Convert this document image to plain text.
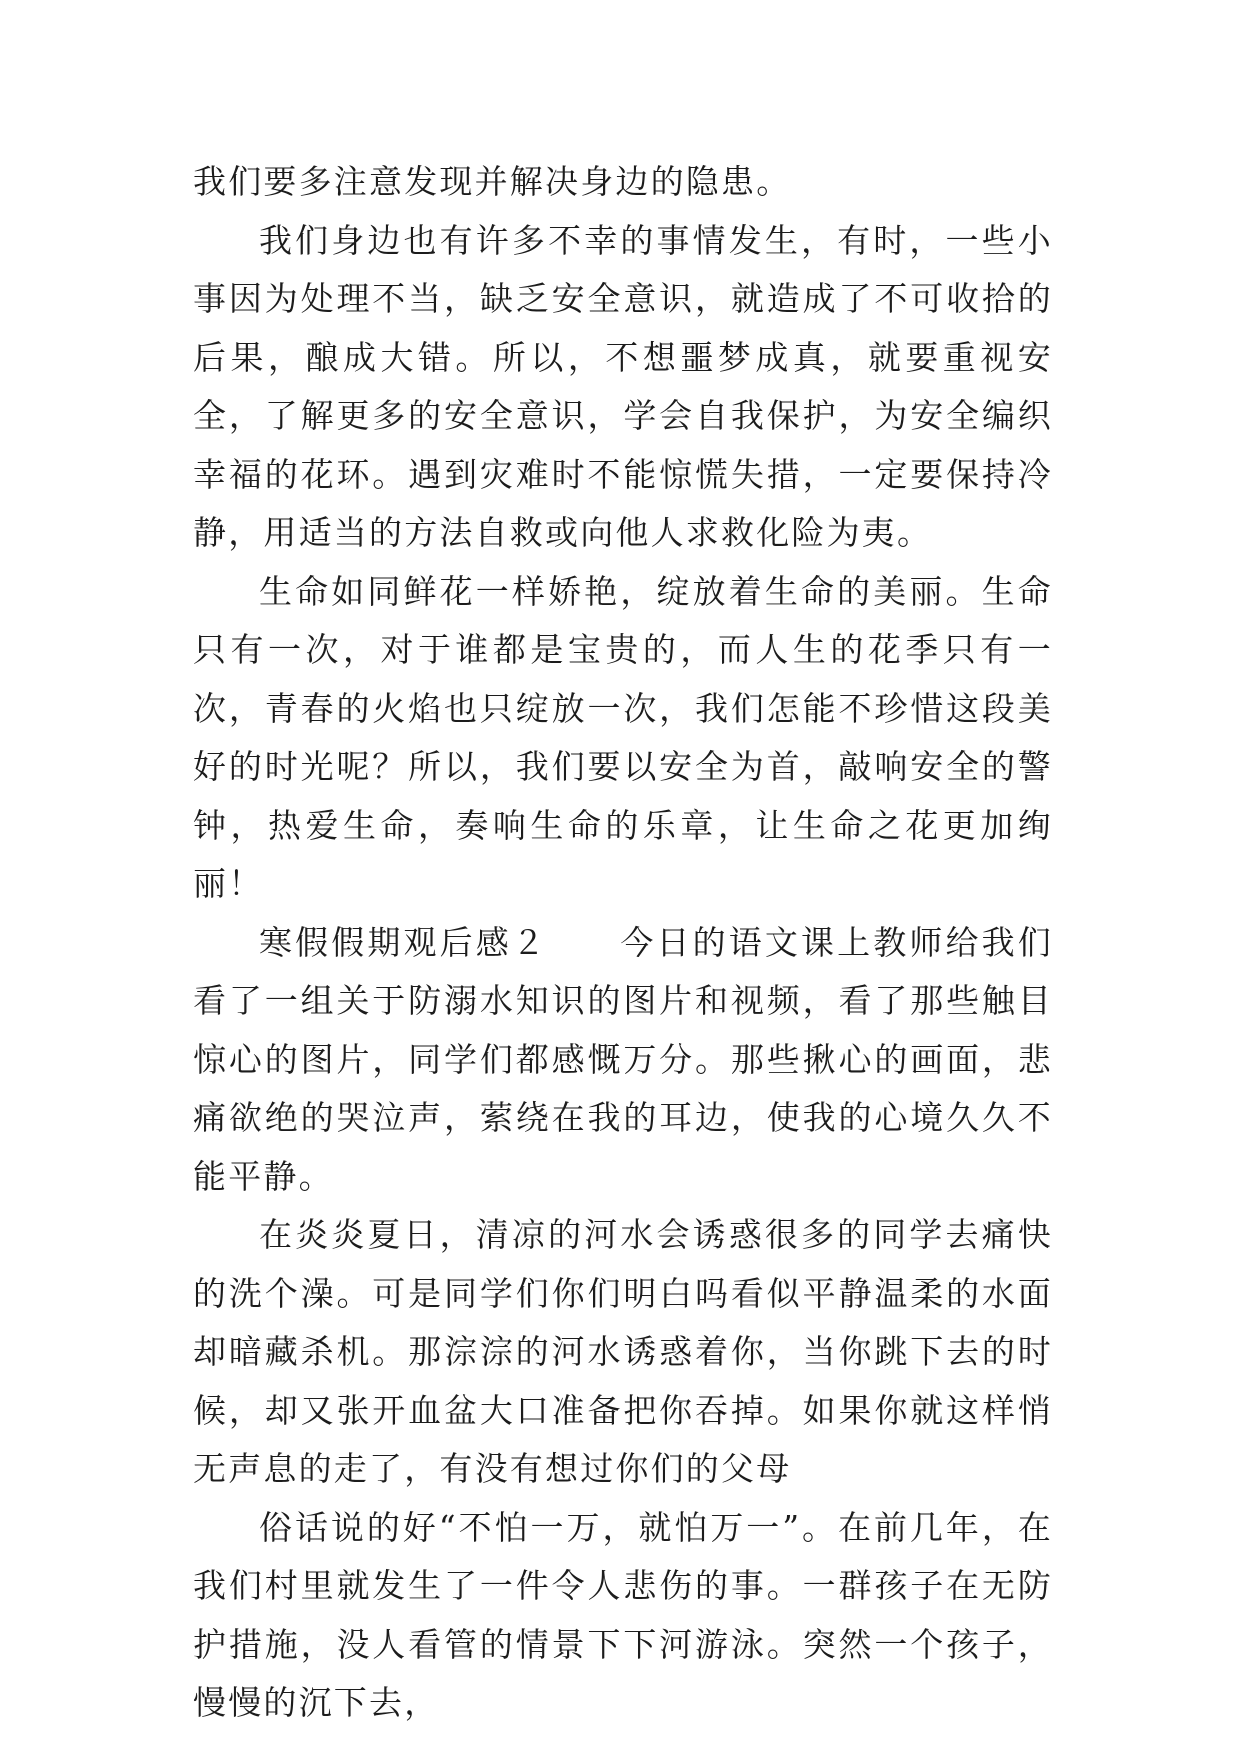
我们要多注意发现并解决身边的隐患。

我们身边也有许多不幸的事情发生，有时，一些小事因为处理不当，缺乏安全意识，就造成了不可收拾的后果，酿成大错。所以，不想噩梦成真，就要重视安全，了解更多的安全意识，学会自我保护，为安全编织幸福的花环。遇到灾难时不能惊慌失措，一定要保持冷静，用适当的方法自救或向他人求救化险为夷。

生命如同鲜花一样娇艳，绽放着生命的美丽。生命只有一次，对于谁都是宝贵的，而人生的花季只有一次，青春的火焰也只绽放一次，我们怎能不珍惜这段美好的时光呢？所以，我们要以安全为首，敲响安全的警钟，热爱生命，奏响生命的乐章，让生命之花更加绚丽！

寒假假期观后感２　　今日的语文课上教师给我们看了一组关于防溺水知识的图片和视频，看了那些触目惊心的图片，同学们都感慨万分。那些揪心的画面，悲痛欲绝的哭泣声，萦绕在我的耳边，使我的心境久久不能平静。

在炎炎夏日，清凉的河水会诱惑很多的同学去痛快的洗个澡。可是同学们你们明白吗看似平静温柔的水面却暗藏杀机。那淙淙的河水诱惑着你，当你跳下去的时候，却又张开血盆大口准备把你吞掉。如果你就这样悄无声息的走了，有没有想过你们的父母

俗话说的好“不怕一万，就怕万一”。在前几年，在我们村里就发生了一件令人悲伤的事。一群孩子在无防护措施，没人看管的情景下下河游泳。突然一个孩子，慢慢的沉下去，
